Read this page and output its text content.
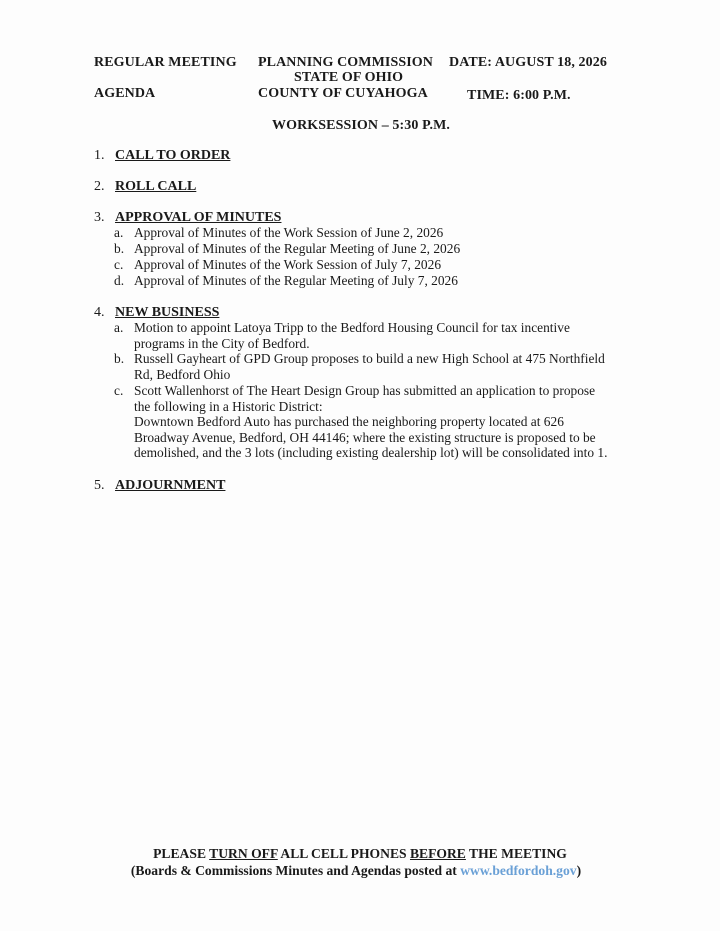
REGULAR MEETING
AGENDA
PLANNING COMMISSION
STATE OF OHIO
COUNTY OF CUYAHOGA
DATE: AUGUST 18, 2026
TIME: 6:00 P.M.
WORKSESSION – 5:30 P.M.
1. CALL TO ORDER
2. ROLL CALL
3. APPROVAL OF MINUTES
a. Approval of Minutes of the Work Session of June 2, 2026
b. Approval of Minutes of the Regular Meeting of June 2, 2026
c. Approval of Minutes of the Work Session of July 7, 2026
d. Approval of Minutes of the Regular Meeting of July 7, 2026
4. NEW BUSINESS
a. Motion to appoint Latoya Tripp to the Bedford Housing Council for tax incentive
programs in the City of Bedford.
b. Russell Gayheart of GPD Group proposes to build a new High School at 475 Northfield
Rd, Bedford Ohio
c. Scott Wallenhorst of The Heart Design Group has submitted an application to propose
the following in a Historic District:
Downtown Bedford Auto has purchased the neighboring property located at 626
Broadway Avenue, Bedford, OH 44146; where the existing structure is proposed to be
demolished, and the 3 lots (including existing dealership lot) will be consolidated into 1.
5. ADJOURNMENT
PLEASE TURN OFF ALL CELL PHONES BEFORE THE MEETING
(Boards & Commissions Minutes and Agendas posted at www.bedfordoh.gov)
